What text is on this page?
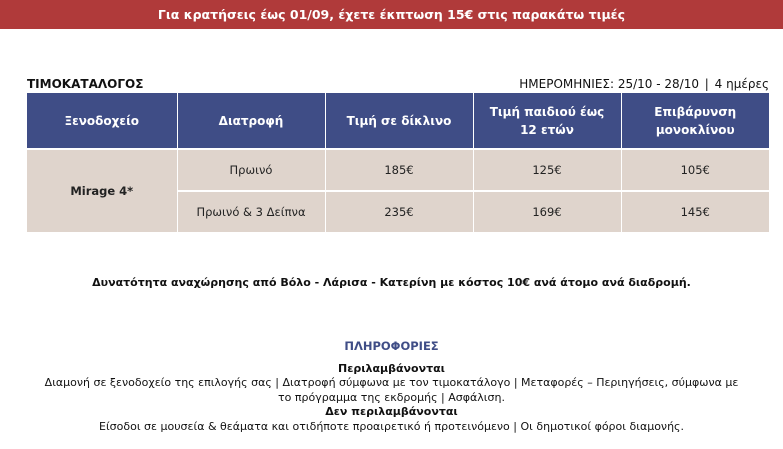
Για κρατήσεις έως 01/09, έχετε έκπτωση 15€ στις παρακάτω τιμές
ΤΙΜΟΚΑΤΑΛΟΓΟΣ	ΗΜΕΡΟΜΗΝΙΕΣ: 25/10 - 28/10 | 4 ημέρες
Ξενοδοχείο	Διατροφή	Τιμή σε δίκλινο	Τιμή παιδιού έως 12 ετών	Επιβάρυνση μονοκλίνου
Mirage 4*	Πρωινό	185€	125€	105€
	Πρωινό & 3 Δείπνα	235€	169€	145€
Δυνατότητα αναχώρησης από Βόλο - Λάρισα - Κατερίνη με κόστος 10€ ανά άτομο ανά διαδρομή.
ΠΛΗΡΟΦΟΡΙΕΣ
Περιλαμβάνονται
Διαμονή σε ξενοδοχείο της επιλογής σας | Διατροφή σύμφωνα με τον τιμοκατάλογο | Μεταφορές – Περιηγήσεις, σύμφωνα με το πρόγραμμα της εκδρομής | Ασφάλιση.
Δεν περιλαμβάνονται
Είσοδοι σε μουσεία & θεάματα και οτιδήποτε προαιρετικό ή προτεινόμενο | Οι δημοτικοί φόροι διαμονής.
